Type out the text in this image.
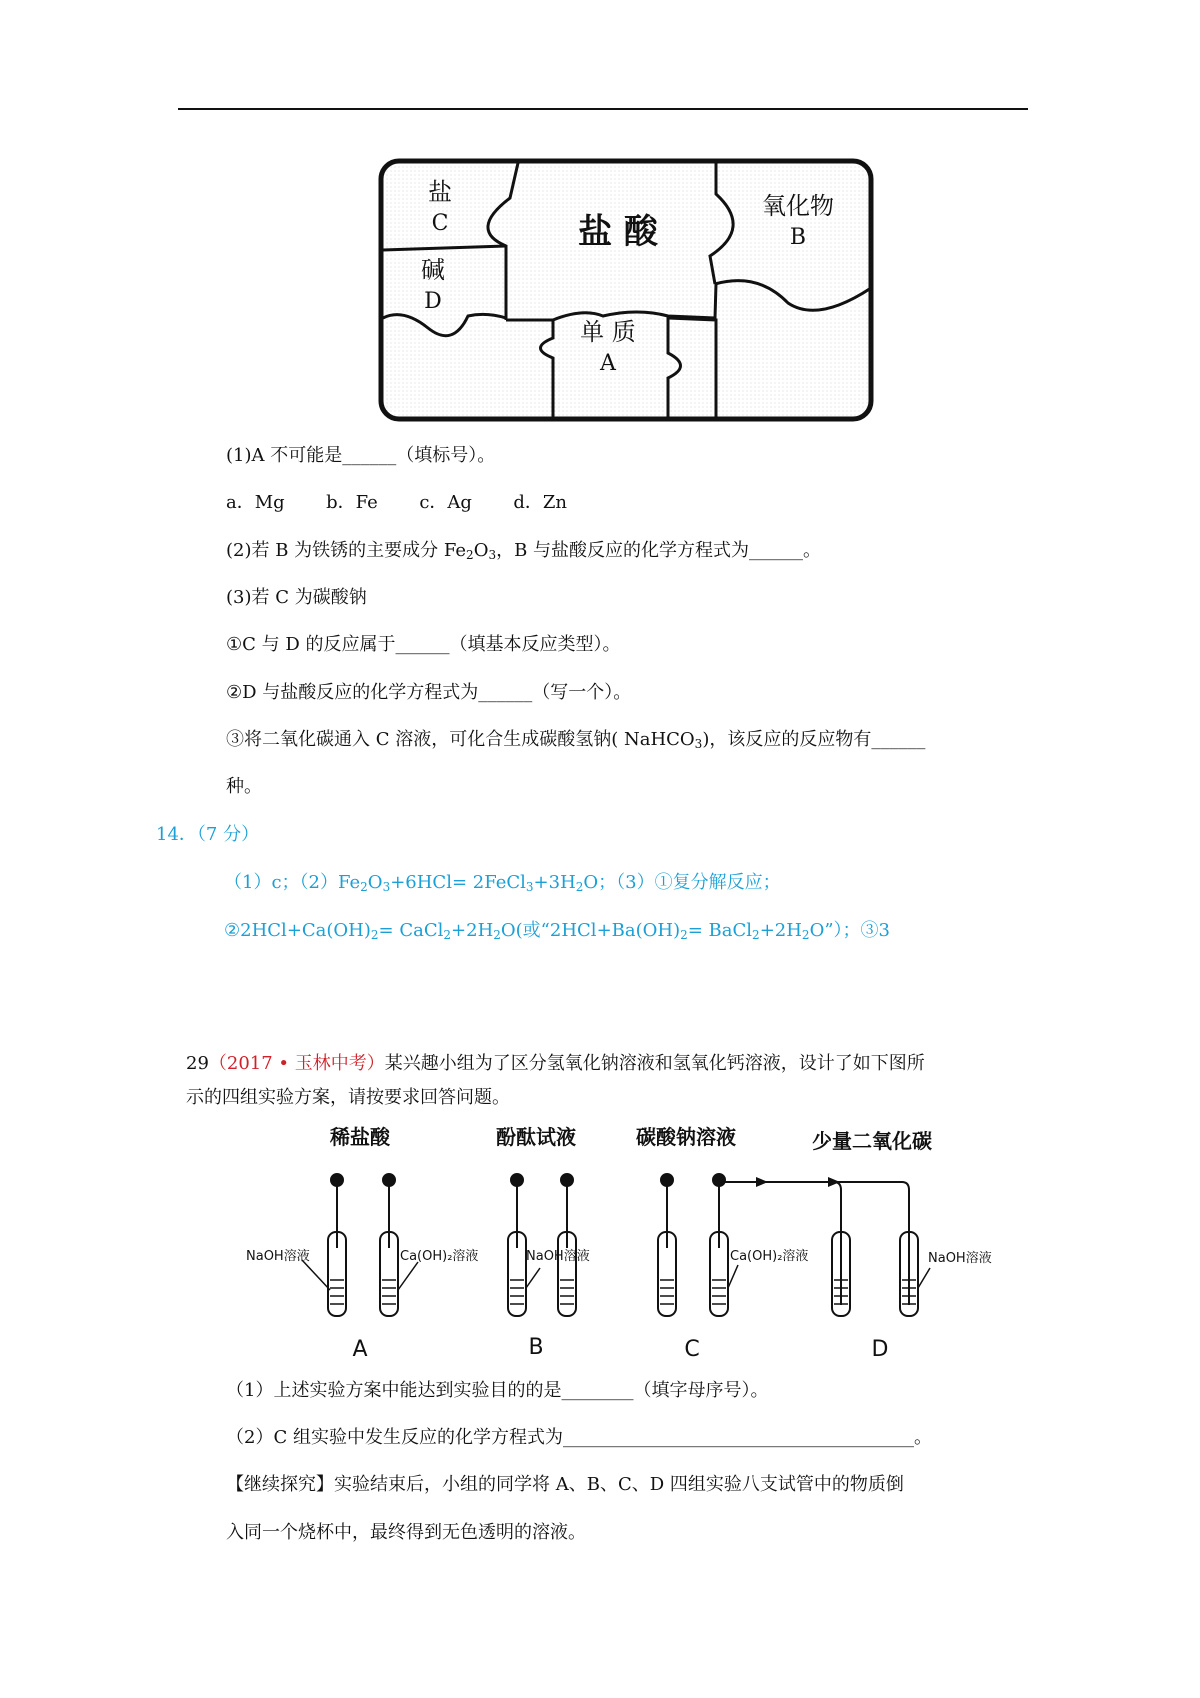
盐
C
碱
D
盐 酸
氧化物
B
单 质
A
(1)A 不可能是______（填标号）。
a．Mg b．Fe c．Ag d．Zn
(2)若 B 为铁锈的主要成分 $Fe_2O_3$，B 与盐酸反应的化学方程式为______。
(3)若 C 为碳酸钠
①C 与 D 的反应属于______（填基本反应类型）。
②D 与盐酸反应的化学方程式为______（写一个）。
③将二氧化碳通入 C 溶液，可化合生成碳酸氢钠( NaHCO$_3$)，该反应的反应物有______
种。
14．（7 分）
（1）c；$(2)Fe_2O_3+6HCl=$ $2FeCl_3+3H_2O$；（3）①复分解反应；
$②2HCl+Ca(OH)_2=$ $CaCl_2+2H_2O$(或“$2HCl+Ba(OH)_2=$ $BaCl_2+2H_2O$”）；③3
29（2017 • 玉林中考）某兴趣小组为了区分氢氧化钠溶液和氢氧化钙溶液，设计了如下图所
示的四组实验方案，请按要求回答问题。
稀盐酸	酚酞试液	碳酸钠溶液	少量二氧化碳
NaOH溶液	Ca(OH)₂溶液	NaOH溶液	Ca(OH)₂溶液	NaOH溶液
A	B	C	D
（1）上述实验方案中能达到实验目的的是________（填字母序号）。
（2）C 组实验中发生反应的化学方程式为_______________________________________。
【继续探究】实验结束后，小组的同学将 A、B、C、D 四组实验八支试管中的物质倒
入同一个烧杯中，最终得到无色透明的溶液。
